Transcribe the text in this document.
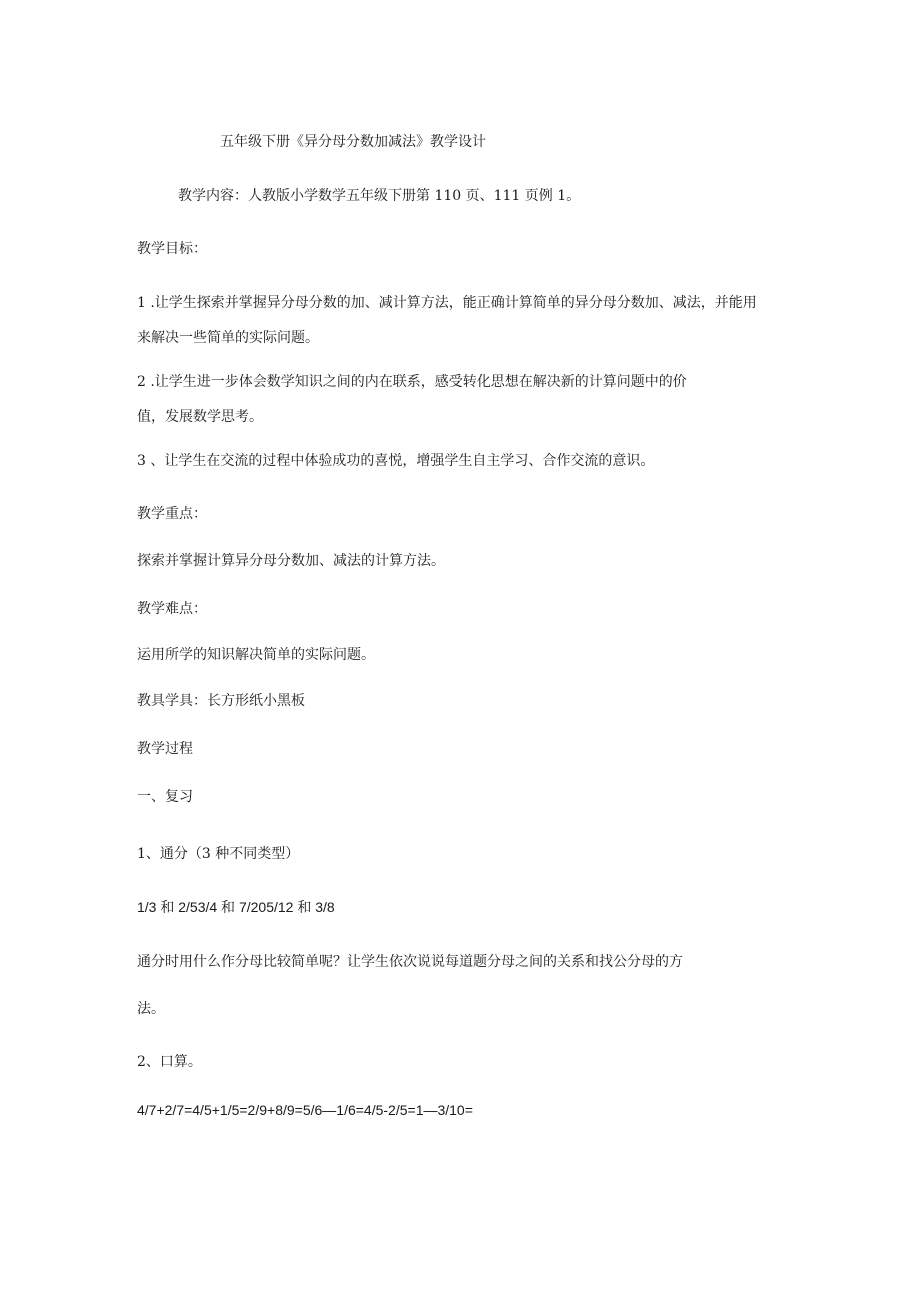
五年级下册《异分母分数加减法》教学设计
教学内容：人教版小学数学五年级下册第 110 页、111 页例 1。
教学目标：
1 .让学生探索并掌握异分母分数的加、减计算方法，能正确计算简单的异分母分数加、减法，并能用
来解决一些简单的实际问题。
2 .让学生进一步体会数学知识之间的内在联系，感受转化思想在解决新的计算问题中的价
值，发展数学思考。
3 、让学生在交流的过程中体验成功的喜悦，增强学生自主学习、合作交流的意识。
教学重点：
探索并掌握计算异分母分数加、减法的计算方法。
教学难点：
运用所学的知识解决简单的实际问题。
教具学具：长方形纸小黑板
教学过程
一、复习
1、通分（3 种不同类型）
1/3 和 2/53/4 和 7/205/12 和 3/8
通分时用什么作分母比较简单呢？让学生依次说说每道题分母之间的关系和找公分母的方
法。
2、口算。
4/7+2/7=4/5+1/5=2/9+8/9=5/6—1/6=4/5-2/5=1—3/10=
